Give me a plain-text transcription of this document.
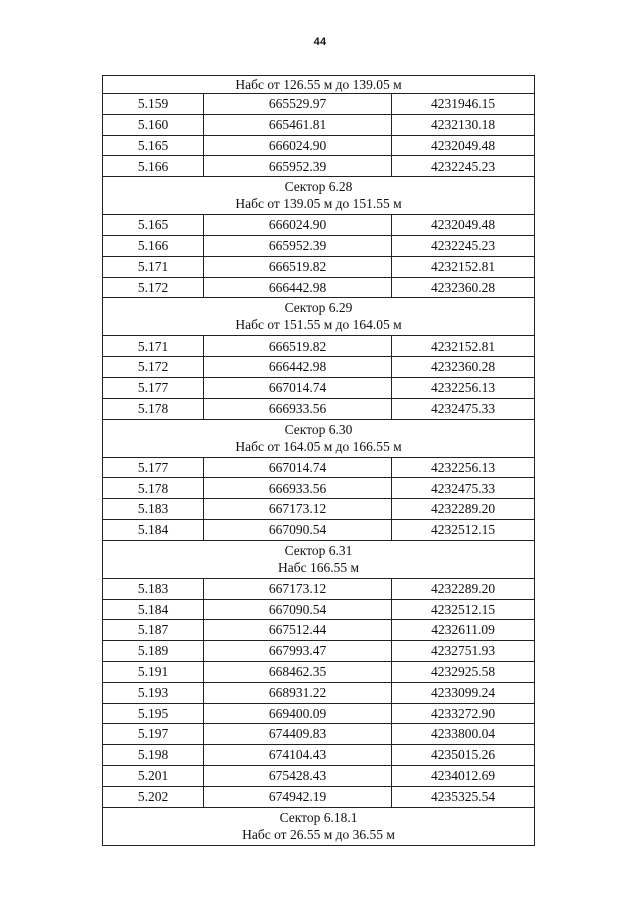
44
Набс от 126.55 м до 139.05 м		

5.159	665529.97	4231946.15
5.160	665461.81	4232130.18
5.165	666024.90	4232049.48
5.166	665952.39	4232245.23

Сектор 6.28
Набс от 139.05 м до 151.55 м		

5.165	666024.90	4232049.48
5.166	665952.39	4232245.23
5.171	666519.82	4232152.81
5.172	666442.98	4232360.28

Сектор 6.29
Набс от 151.55 м до 164.05 м		

5.171	666519.82	4232152.81
5.172	666442.98	4232360.28
5.177	667014.74	4232256.13
5.178	666933.56	4232475.33

Сектор 6.30
Набс от 164.05 м до 166.55 м		

5.177	667014.74	4232256.13
5.178	666933.56	4232475.33
5.183	667173.12	4232289.20
5.184	667090.54	4232512.15

Сектор 6.31
Набс 166.55 м		

5.183	667173.12	4232289.20
5.184	667090.54	4232512.15
5.187	667512.44	4232611.09
5.189	667993.47	4232751.93
5.191	668462.35	4232925.58
5.193	668931.22	4233099.24
5.195	669400.09	4233272.90
5.197	674409.83	4233800.04
5.198	674104.43	4235015.26
5.201	675428.43	4234012.69
5.202	674942.19	4235325.54

Сектор 6.18.1
Набс от 26.55 м до 36.55 м		
